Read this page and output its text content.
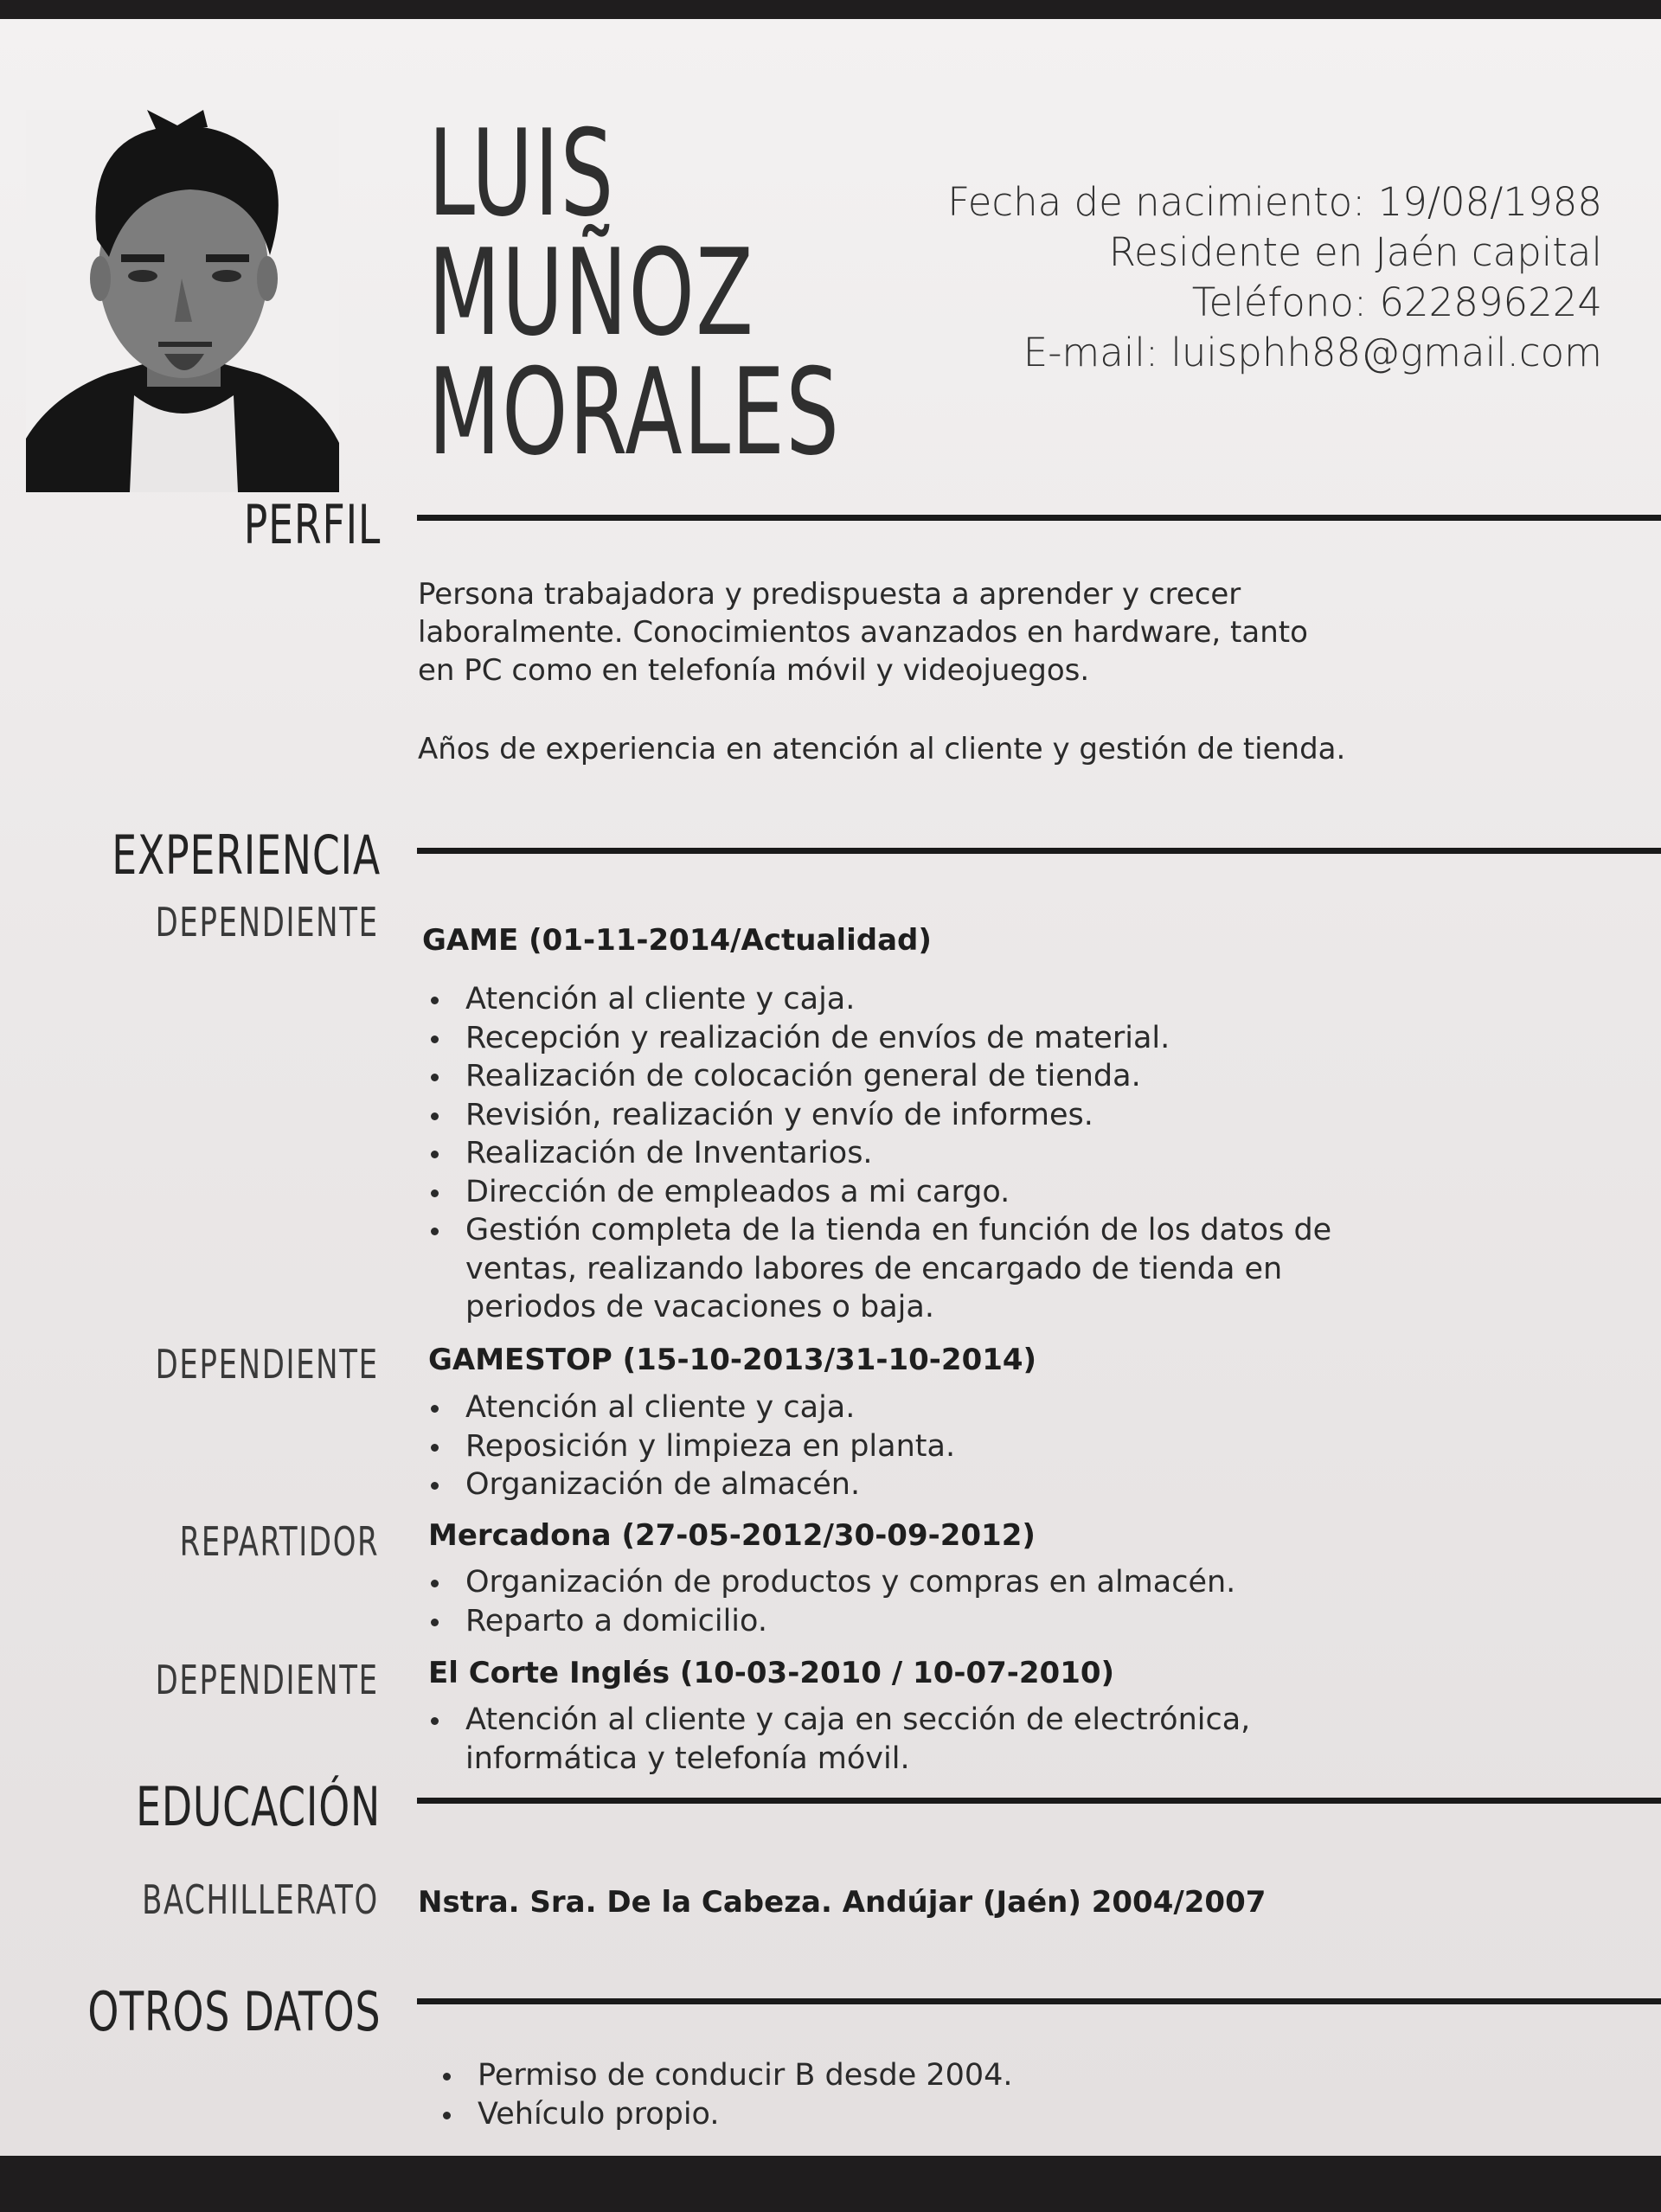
LUIS
MUÑOZ
MORALES
Fecha de nacimiento: 19/08/1988
Residente en Jaén capital
Teléfono: 622896224
E-mail: luisphh88@gmail.com
PERFIL
Persona trabajadora y predispuesta a aprender y crecer laboralmente. Conocimientos avanzados en hardware, tanto en PC como en telefonía móvil y videojuegos.
Años de experiencia en atención al cliente y gestión de tienda.
EXPERIENCIA
DEPENDIENTE GAME (01-11-2014/Actualidad)
Atención al cliente y caja.
Recepción y realización de envíos de material.
Realización de colocación general de tienda.
Revisión, realización y envío de informes.
Realización de Inventarios.
Dirección de empleados a mi cargo.
Gestión completa de la tienda en función de los datos de ventas, realizando labores de encargado de tienda en periodos de vacaciones o baja.
DEPENDIENTE GAMESTOP (15-10-2013/31-10-2014)
Atención al cliente y caja.
Reposición y limpieza en planta.
Organización de almacén.
REPARTIDOR Mercadona (27-05-2012/30-09-2012)
Organización de productos y compras en almacén.
Reparto a domicilio.
DEPENDIENTE El Corte Inglés (10-03-2010 / 10-07-2010)
Atención al cliente y caja en sección de electrónica, informática y telefonía móvil.
EDUCACIÓN
BACHILLERATO Nstra. Sra. De la Cabeza. Andújar (Jaén) 2004/2007
OTROS DATOS
Permiso de conducir B desde 2004.
Vehículo propio.
